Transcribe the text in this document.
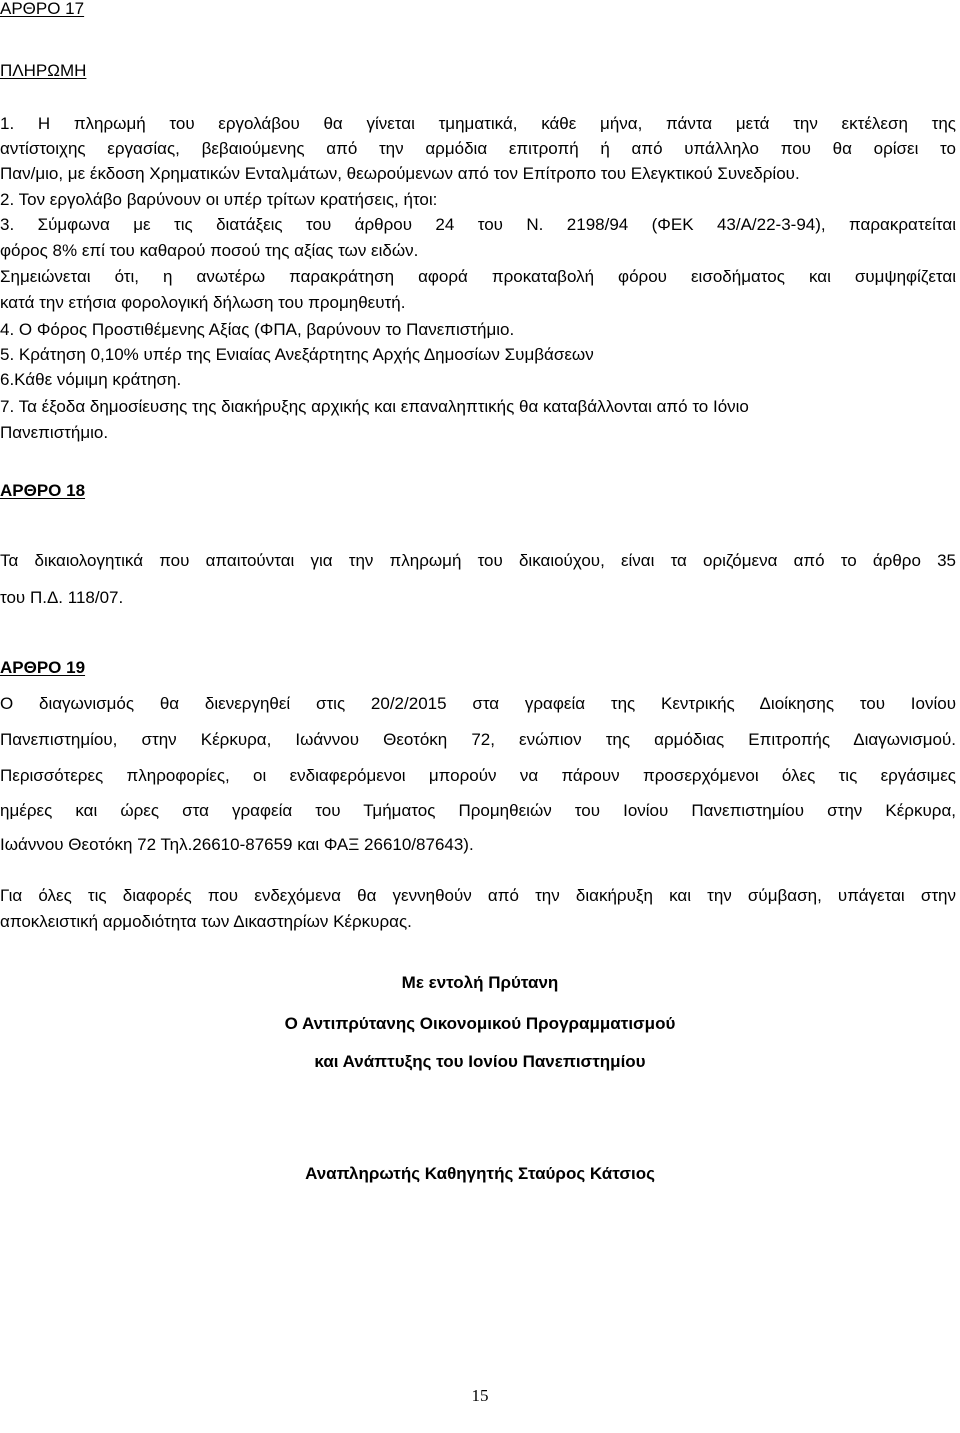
ΑΡΘΡΟ 17
ΠΛΗΡΩΜΗ
1. Η πληρωμή του εργολάβου θα γίνεται τμηματικά, κάθε μήνα, πάντα μετά την εκτέλεση της
αντίστοιχης εργασίας, βεβαιούμενης από την αρμόδια επιτροπή ή από υπάλληλο που θα ορίσει το
Παν/μιο, με έκδοση Χρηματικών Ενταλμάτων, θεωρούμενων από τον Επίτροπο του Ελεγκτικού Συνεδρίου.
2. Τον εργολάβο βαρύνουν οι υπέρ τρίτων κρατήσεις, ήτοι:
3. Σύμφωνα με τις διατάξεις του άρθρου 24 του Ν. 2198/94 (ΦΕΚ 43/Α/22-3-94), παρακρατείται
φόρος 8% επί του καθαρού ποσού της αξίας των ειδών.
Σημειώνεται ότι, η ανωτέρω παρακράτηση αφορά προκαταβολή φόρου εισοδήματος και συμψηφίζεται
κατά την ετήσια φορολογική δήλωση του προμηθευτή.
4. Ο Φόρος Προστιθέμενης Αξίας (ΦΠΑ, βαρύνουν το Πανεπιστήμιο.
5. Κράτηση 0,10% υπέρ της Ενιαίας Ανεξάρτητης Αρχής Δημοσίων Συμβάσεων
6.Κάθε νόμιμη κράτηση.
7. Τα έξοδα δημοσίευσης της διακήρυξης αρχικής και επαναληπτικής θα καταβάλλονται από το Ιόνιο
Πανεπιστήμιο.
ΑΡΘΡΟ 18
Τα δικαιολογητικά που απαιτούνται για την πληρωμή του δικαιούχου, είναι τα οριζόμενα από το άρθρο 35
του Π.Δ. 118/07.
ΑΡΘΡΟ 19
Ο διαγωνισμός θα διενεργηθεί στις 20/2/2015 στα γραφεία της Κεντρικής Διοίκησης του Ιονίου
Πανεπιστημίου, στην Κέρκυρα, Ιωάννου Θεοτόκη 72, ενώπιον της αρμόδιας Επιτροπής Διαγωνισμού.
Περισσότερες πληροφορίες, οι ενδιαφερόμενοι μπορούν να πάρουν προσερχόμενοι όλες τις εργάσιμες
ημέρες και ώρες στα γραφεία του Τμήματος Προμηθειών του Ιονίου Πανεπιστημίου στην Κέρκυρα,
Ιωάννου Θεοτόκη 72 Τηλ.26610-87659 και ΦΑΞ 26610/87643).
Για όλες τις διαφορές που ενδεχόμενα θα γεννηθούν από την διακήρυξη και την σύμβαση, υπάγεται στην
αποκλειστική αρμοδιότητα των Δικαστηρίων Κέρκυρας.
Με εντολή Πρύτανη
Ο Αντιπρύτανης Οικονομικού Προγραμματισμού
και Ανάπτυξης του Ιονίου Πανεπιστημίου
Αναπληρωτής Καθηγητής Σταύρος Κάτσιος
15
